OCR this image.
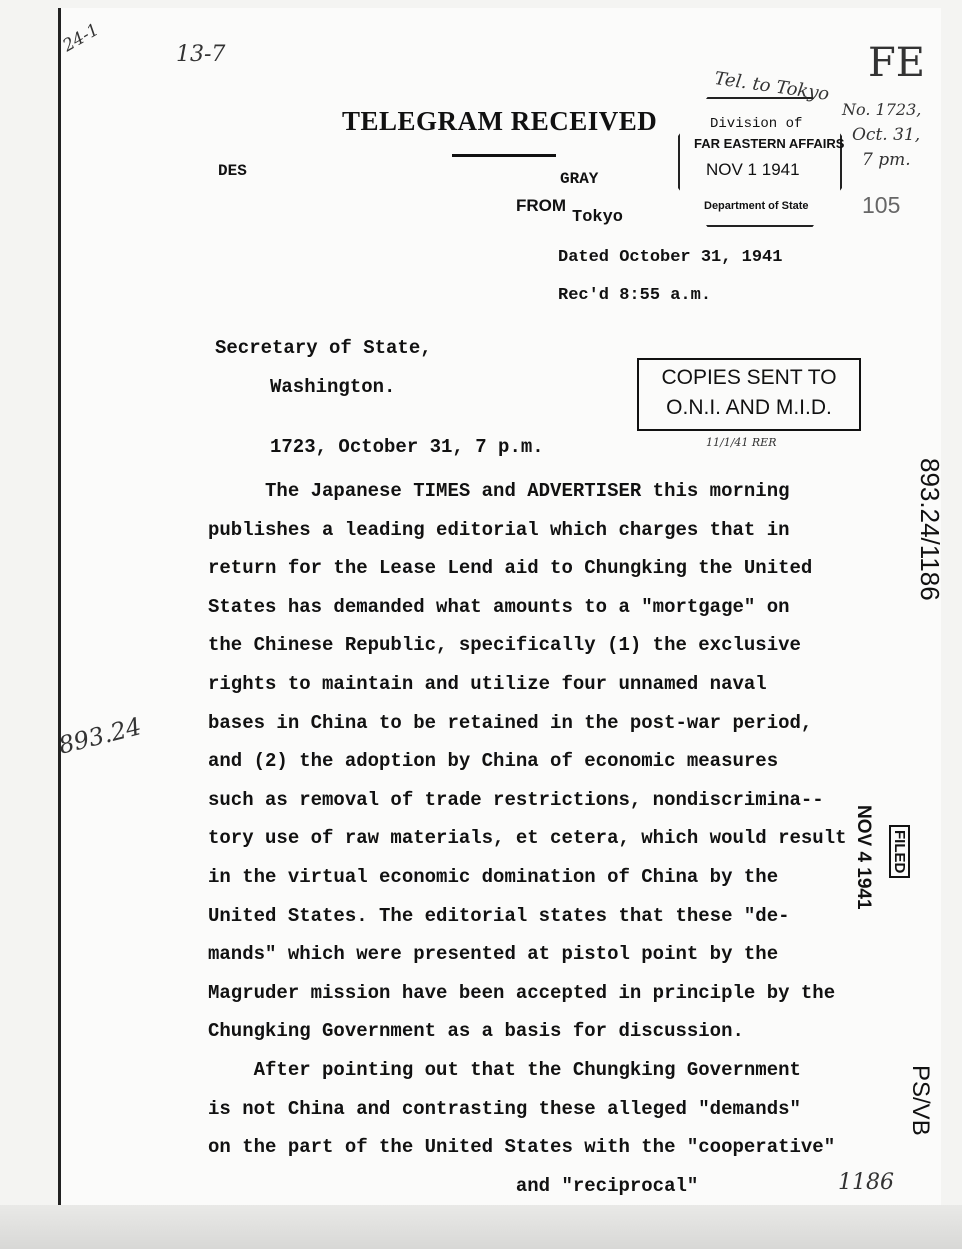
24-1	13-7	FE
Tel. to Tokyo
No. 1723,
Oct. 31,
7 pm.
105
TELEGRAM RECEIVED
DES	GRAY
FROM
Tokyo
Dated October 31, 1941
Rec'd 8:55 a.m.
Division of
FAR EASTERN AFFAIRS
NOV 1 1941
Department of State
COPIES SENT TO
O.N.I. AND M.I.D.
11/1/41 RER
Secretary of State,
Washington.
1723, October 31, 7 p.m.
The Japanese TIMES and ADVERTISER this morning
publishes a leading editorial which charges that in
return for the Lease Lend aid to Chungking the United
States has demanded what amounts to a "mortgage" on
the Chinese Republic, specifically (1) the exclusive
rights to maintain and utilize four unnamed naval
bases in China to be retained in the post-war period,
and (2) the adoption by China of economic measures
such as removal of trade restrictions, nondiscrimina--
tory use of raw materials, et cetera, which would result
in the virtual economic domination of China by the
United States. The editorial states that these "de-
mands" which were presented at pistol point by the
Magruder mission have been accepted in principle by the
Chungking Government as a basis for discussion.
After pointing out that the Chungking Government
is not China and contrasting these alleged "demands"
on the part of the United States with the "cooperative"
and "reciprocal"
893.24/1186
NOV 4 1941 FILED
PS/VB
893.24
1186
